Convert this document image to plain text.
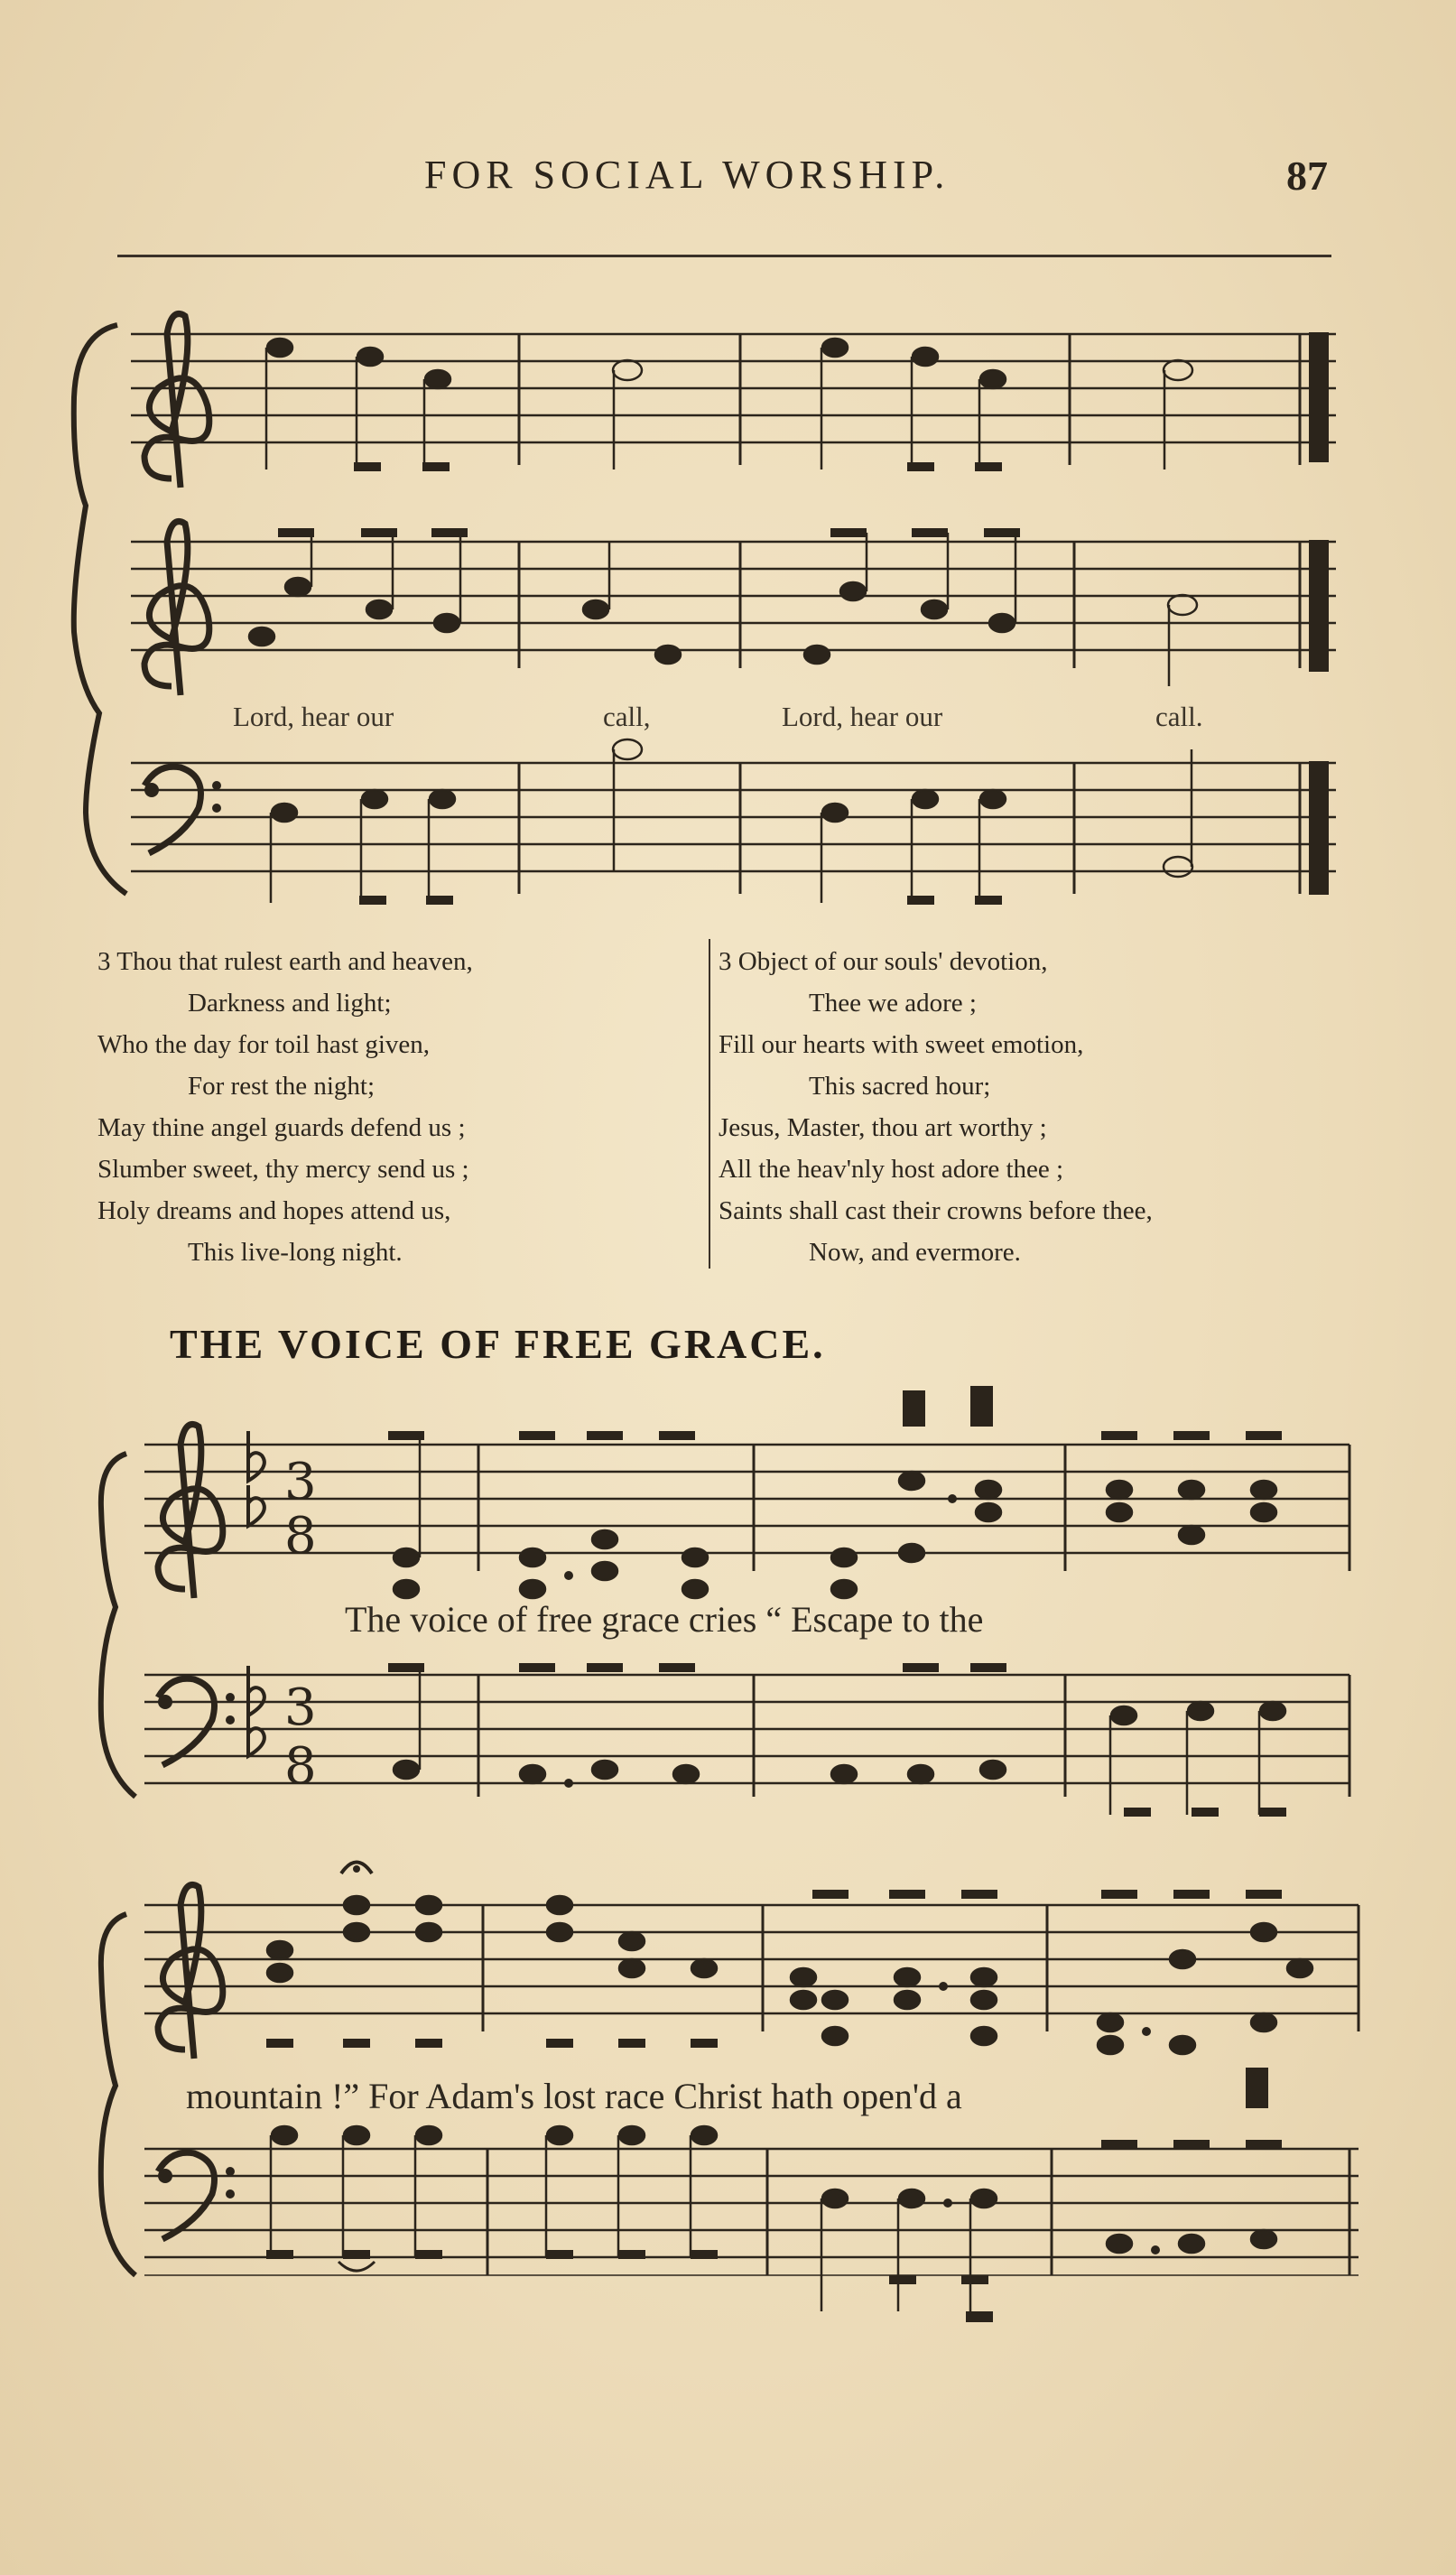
FOR SOCIAL WORSHIP.	87
3
8
3
8
Lord, hear our	call,	Lord, hear our	call.
3 Thou that rulest earth and heaven,
Darkness and light;
Who the day for toil hast given,
For rest the night;
May thine angel guards defend us ;
Slumber sweet, thy mercy send us ;
Holy dreams and hopes attend us,
This live-long night.
3 Object of our souls' devotion,
Thee we adore ;
Fill our hearts with sweet emotion,
This sacred hour;
Jesus, Master, thou art worthy ;
All the heav'nly host adore thee ;
Saints shall cast their crowns before thee,
Now, and evermore.
THE VOICE OF FREE GRACE.
The voice of free grace cries “ Escape to the
mountain !” For Adam's lost race Christ hath open'd a
